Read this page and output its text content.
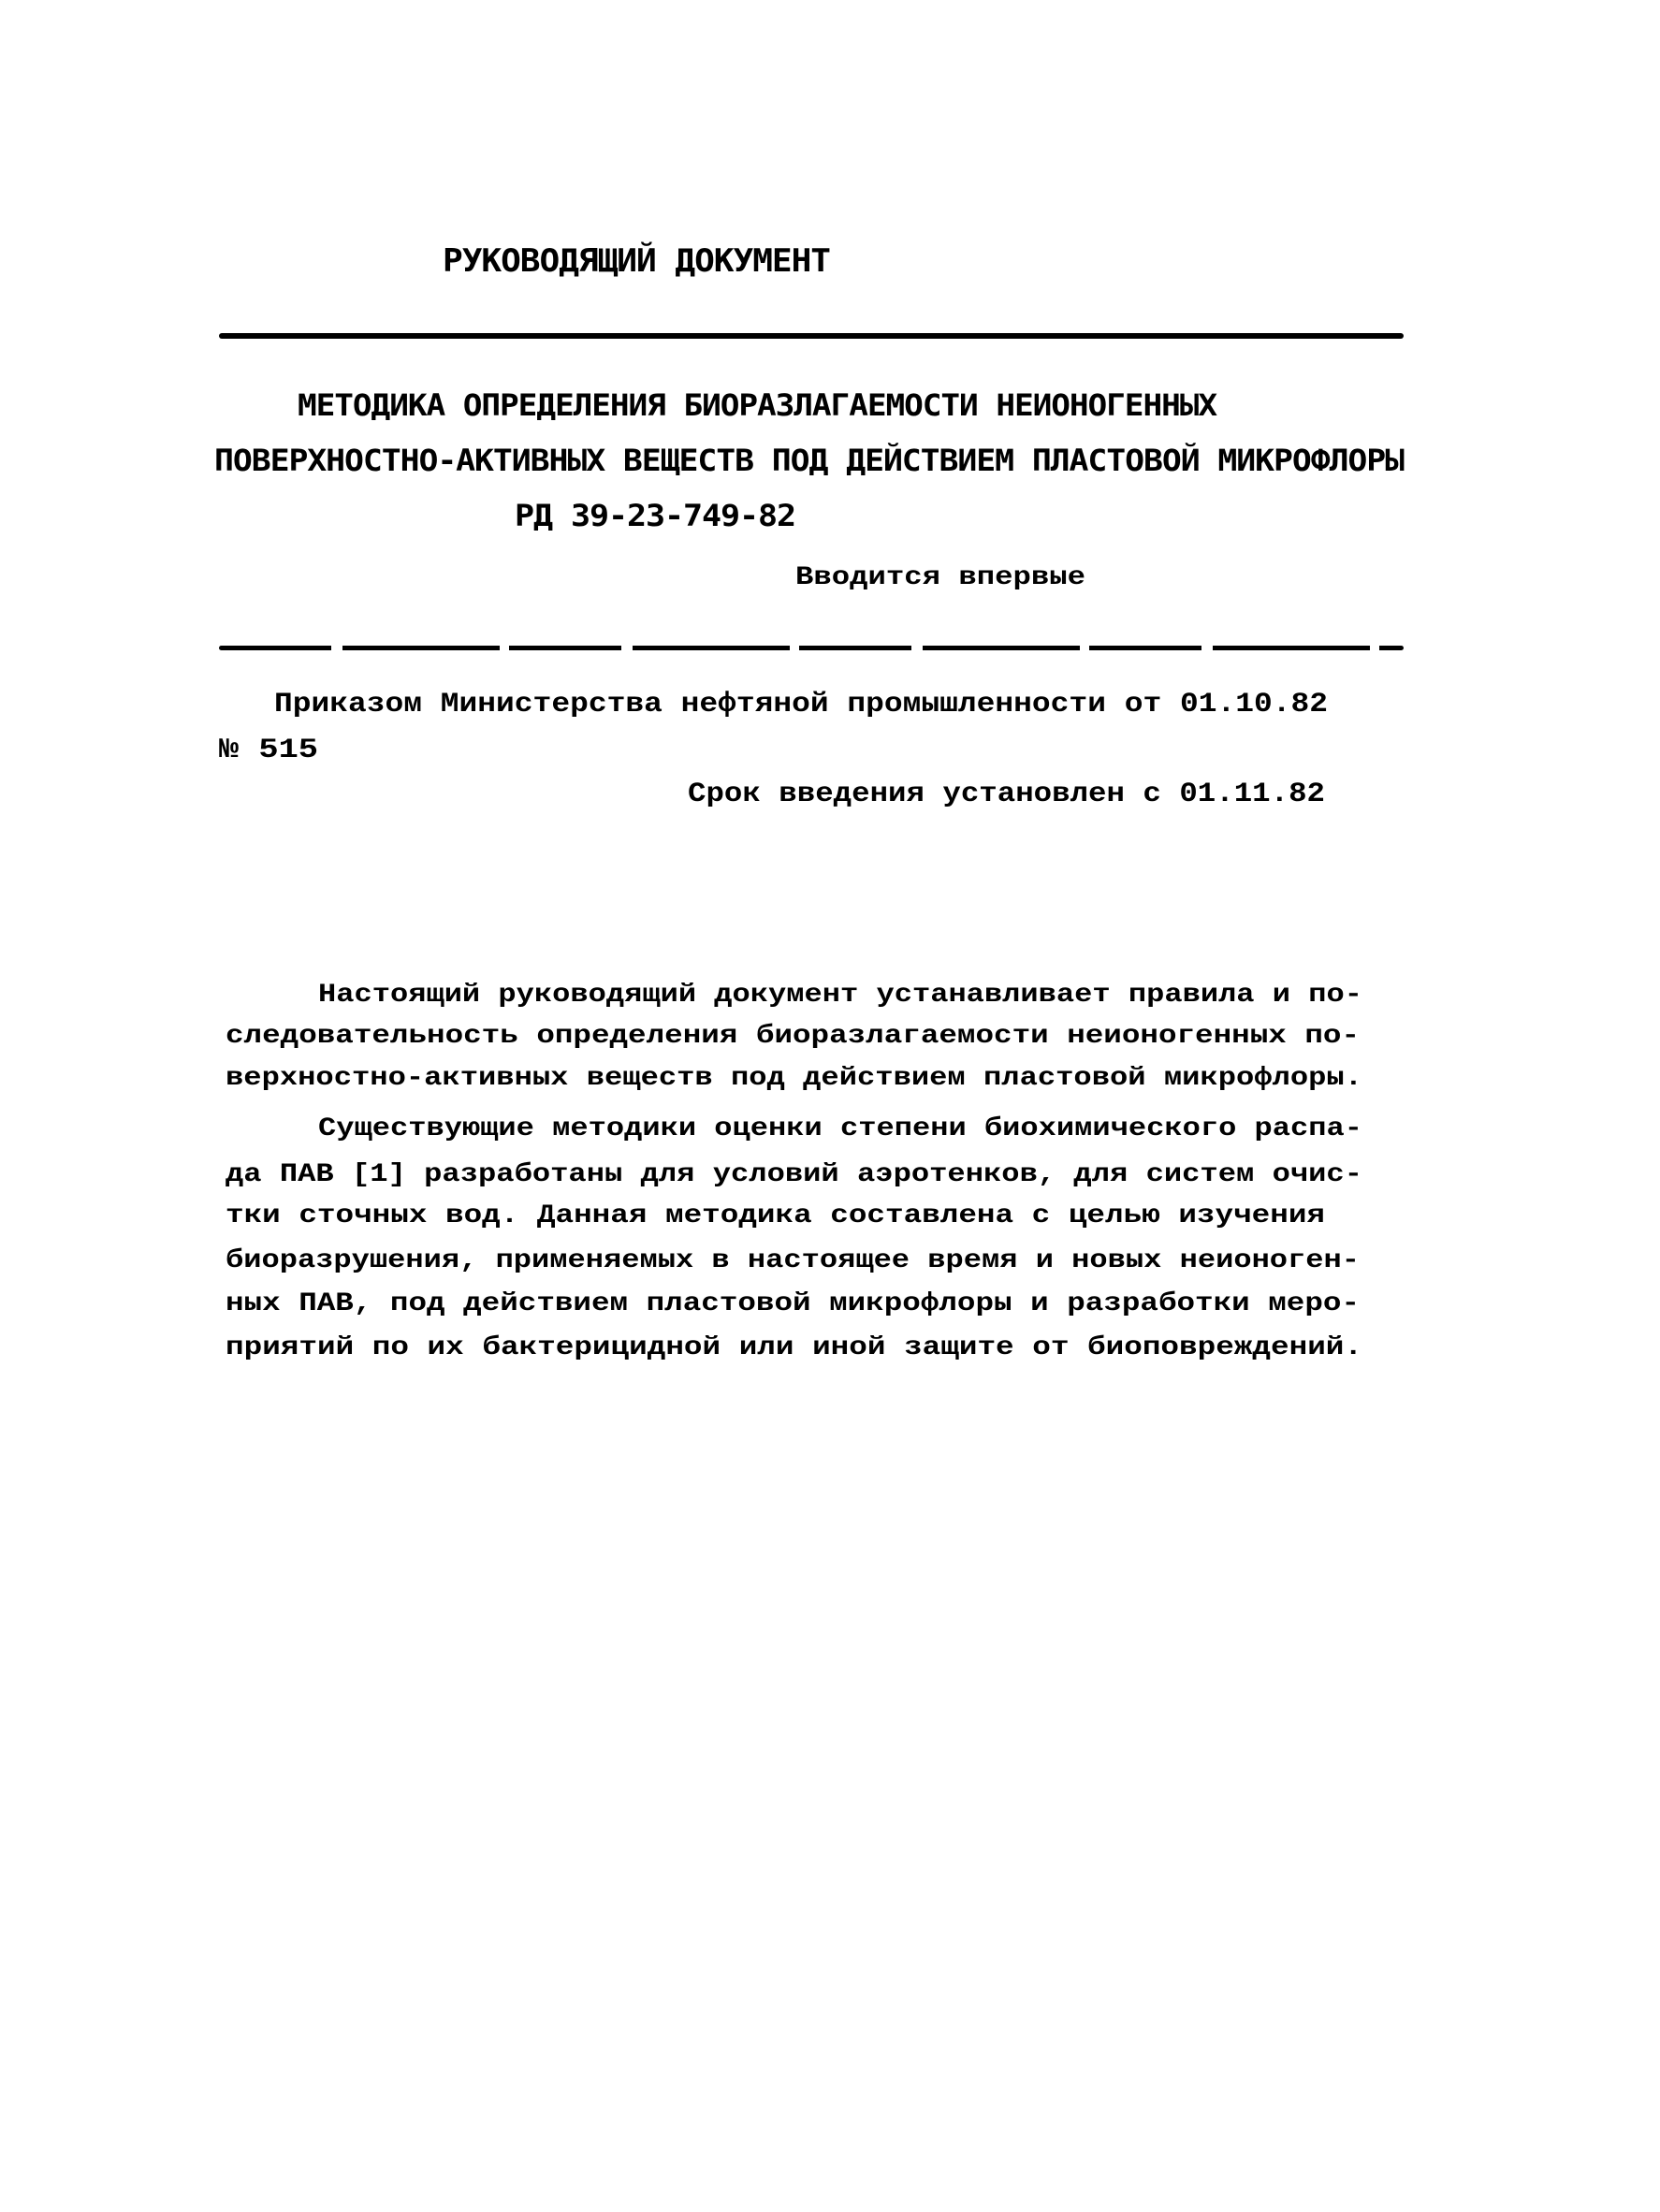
РУКОВОДЯЩИЙ ДОКУМЕНТ
МЕТОДИКА ОПРЕДЕЛЕНИЯ БИОРАЗЛАГАЕМОСТИ НЕИОНОГЕННЫХ
ПОВЕРХНОСТНО-АКТИВНЫХ ВЕЩЕСТВ ПОД ДЕЙСТВИЕМ ПЛАСТОВОЙ МИКРОФЛОРЫ
РД 39-23-749-82
Вводится впервые
Приказом Министерства нефтяной промышленности от 01.10.82
№ 515
Срок введения установлен с 01.11.82
Настоящий руководящий документ устанавливает правила и по-
следовательность определения биоразлагаемости неионогенных по-
верхностно-активных веществ под действием пластовой микрофлоры.
Существующие методики оценки степени биохимического распа-
да ПАВ [1] разработаны для условий аэротенков, для систем очис-
тки сточных вод. Данная методика составлена с целью изучения
биоразрушения, применяемых в настоящее время и новых неионоген-
ных ПАВ, под действием пластовой микрофлоры и разработки меро-
приятий по их бактерицидной или иной защите от биоповреждений.
